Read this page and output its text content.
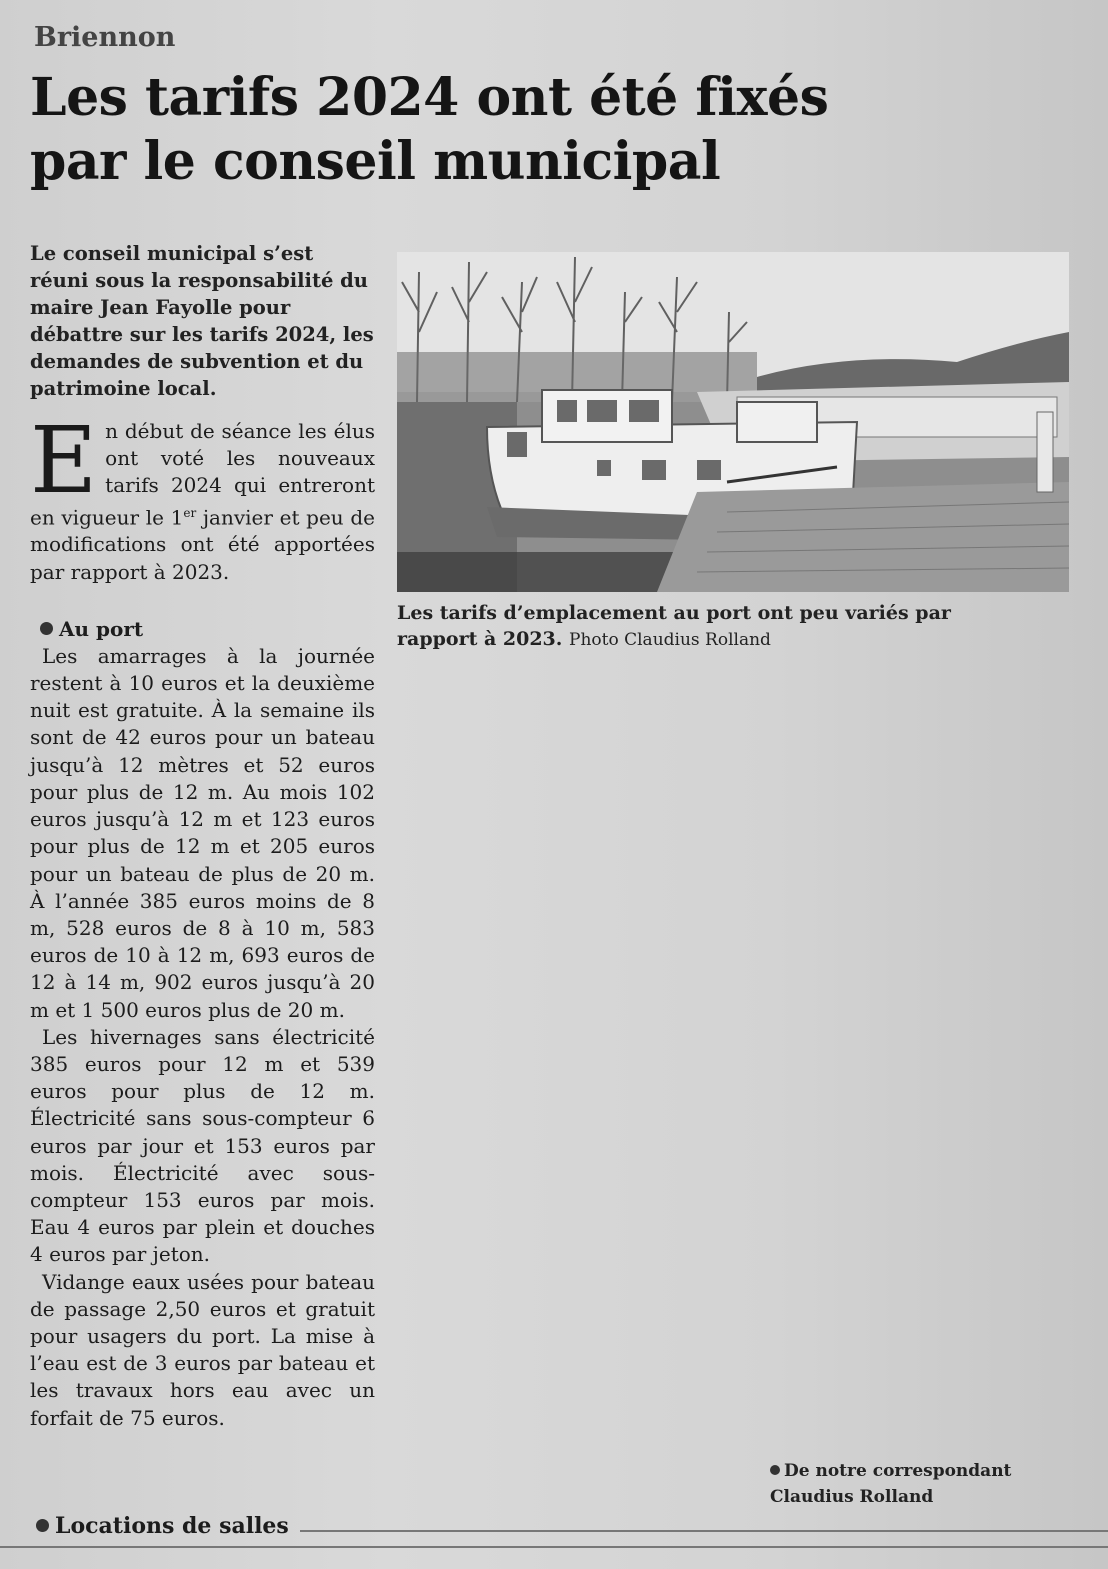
Briennon
Les tarifs 2024 ont été fixés
par le conseil municipal

Le conseil municipal s’est réuni sous la responsabilité du maire Jean Fayolle pour débattre sur les tarifs 2024, les demandes de subvention et du patrimoine local.

En début de séance les élus ont voté les nouveaux tarifs 2024 qui entreront en vigueur le 1er janvier et peu de modifications ont été apportées par rapport à 2023.

Au port

Les amarrages à la journée restent à 10 euros et la deuxième nuit est gratuite. À la semaine ils sont de 42 euros pour un bateau jusqu’à 12 mètres et 52 euros pour plus de 12 m. Au mois 102 euros jusqu’à 12 m et 123 euros pour plus de 12 m et 205 euros pour un bateau de plus de 20 m. À l’année 385 euros moins de 8 m, 528 euros de 8 à 10 m, 583 euros de 10 à 12 m, 693 euros de 12 à 14 m, 902 euros jusqu’à 20 m et 1 500 euros plus de 20 m.

Les hivernages sans électricité 385 euros pour 12 m et 539 euros pour plus de 12 m. Électricité sans sous-compteur 6 euros par jour et 153 euros par mois. Électricité avec sous-compteur 153 euros par mois. Eau 4 euros par plein et douches 4 euros par jeton.

Vidange eaux usées pour bateau de passage 2,50 euros et gratuit pour usagers du port. La mise à l’eau est de 3 euros par bateau et les travaux hors eau avec un forfait de 75 euros.

Les tarifs d’emplacement au port ont peu variés par rapport à 2023. Photo Claudius Rolland
De notre correspondant
Claudius Rolland
Locations de salles
